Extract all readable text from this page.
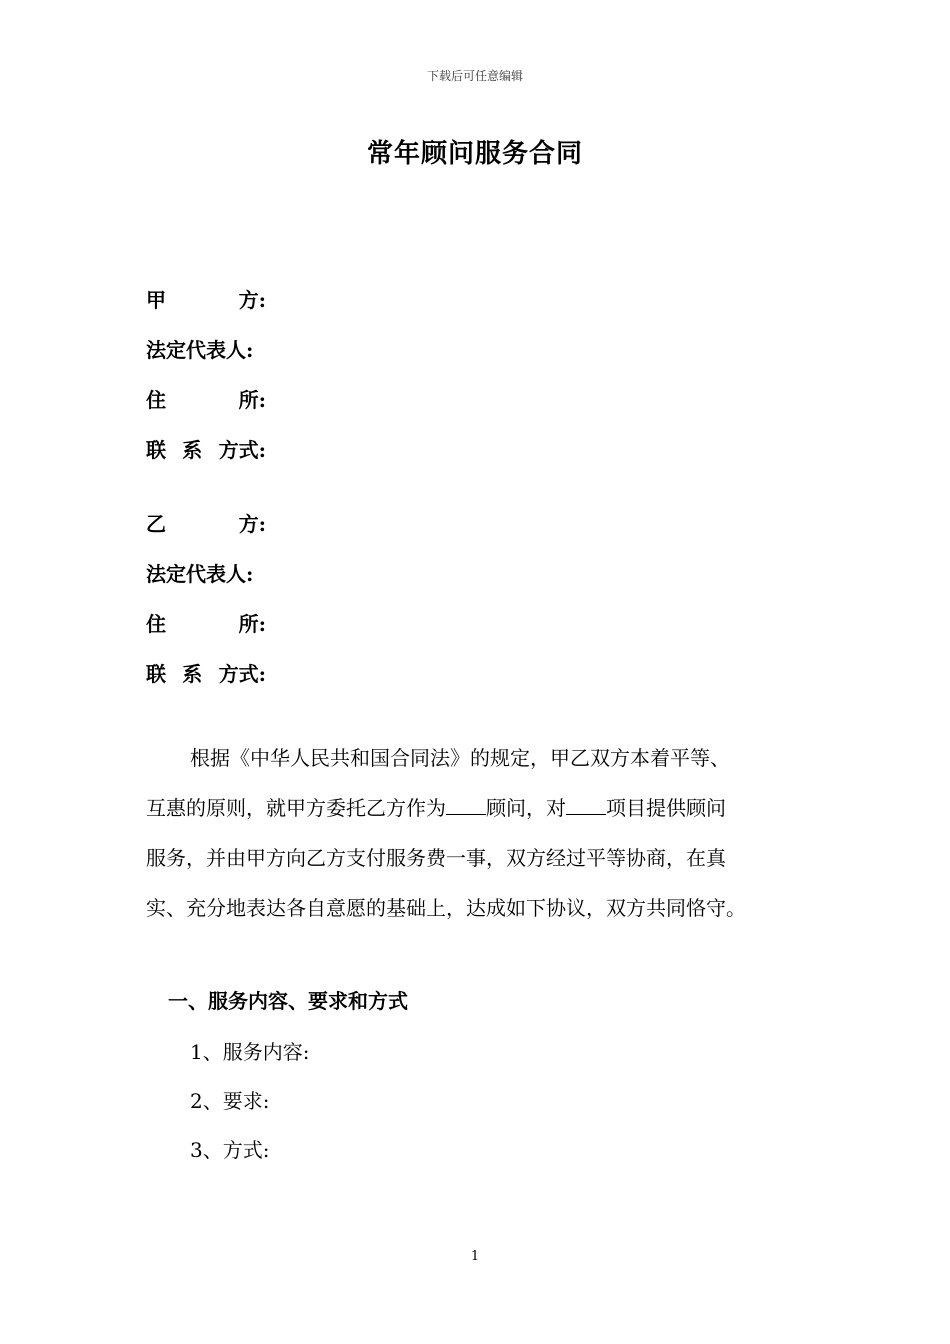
下载后可任意编辑
常年顾问服务合同
甲	方:
法定代表人:
住	所:
联 系 方式:
乙	方:
法定代表人:
住	所:
联 系 方式:

根据《中华人民共和国合同法》的规定，甲乙双方本着平等、

互惠的原则，就甲方委托乙方作为 顾问，对 项目提供顾问

服务，并由甲方向乙方支付服务费一事，双方经过平等协商，在真

实、充分地表达各自意愿的基础上，达成如下协议，双方共同恪守。

一、服务内容、要求和方式
1、服务内容:
2、要求:
3、方式:
1
